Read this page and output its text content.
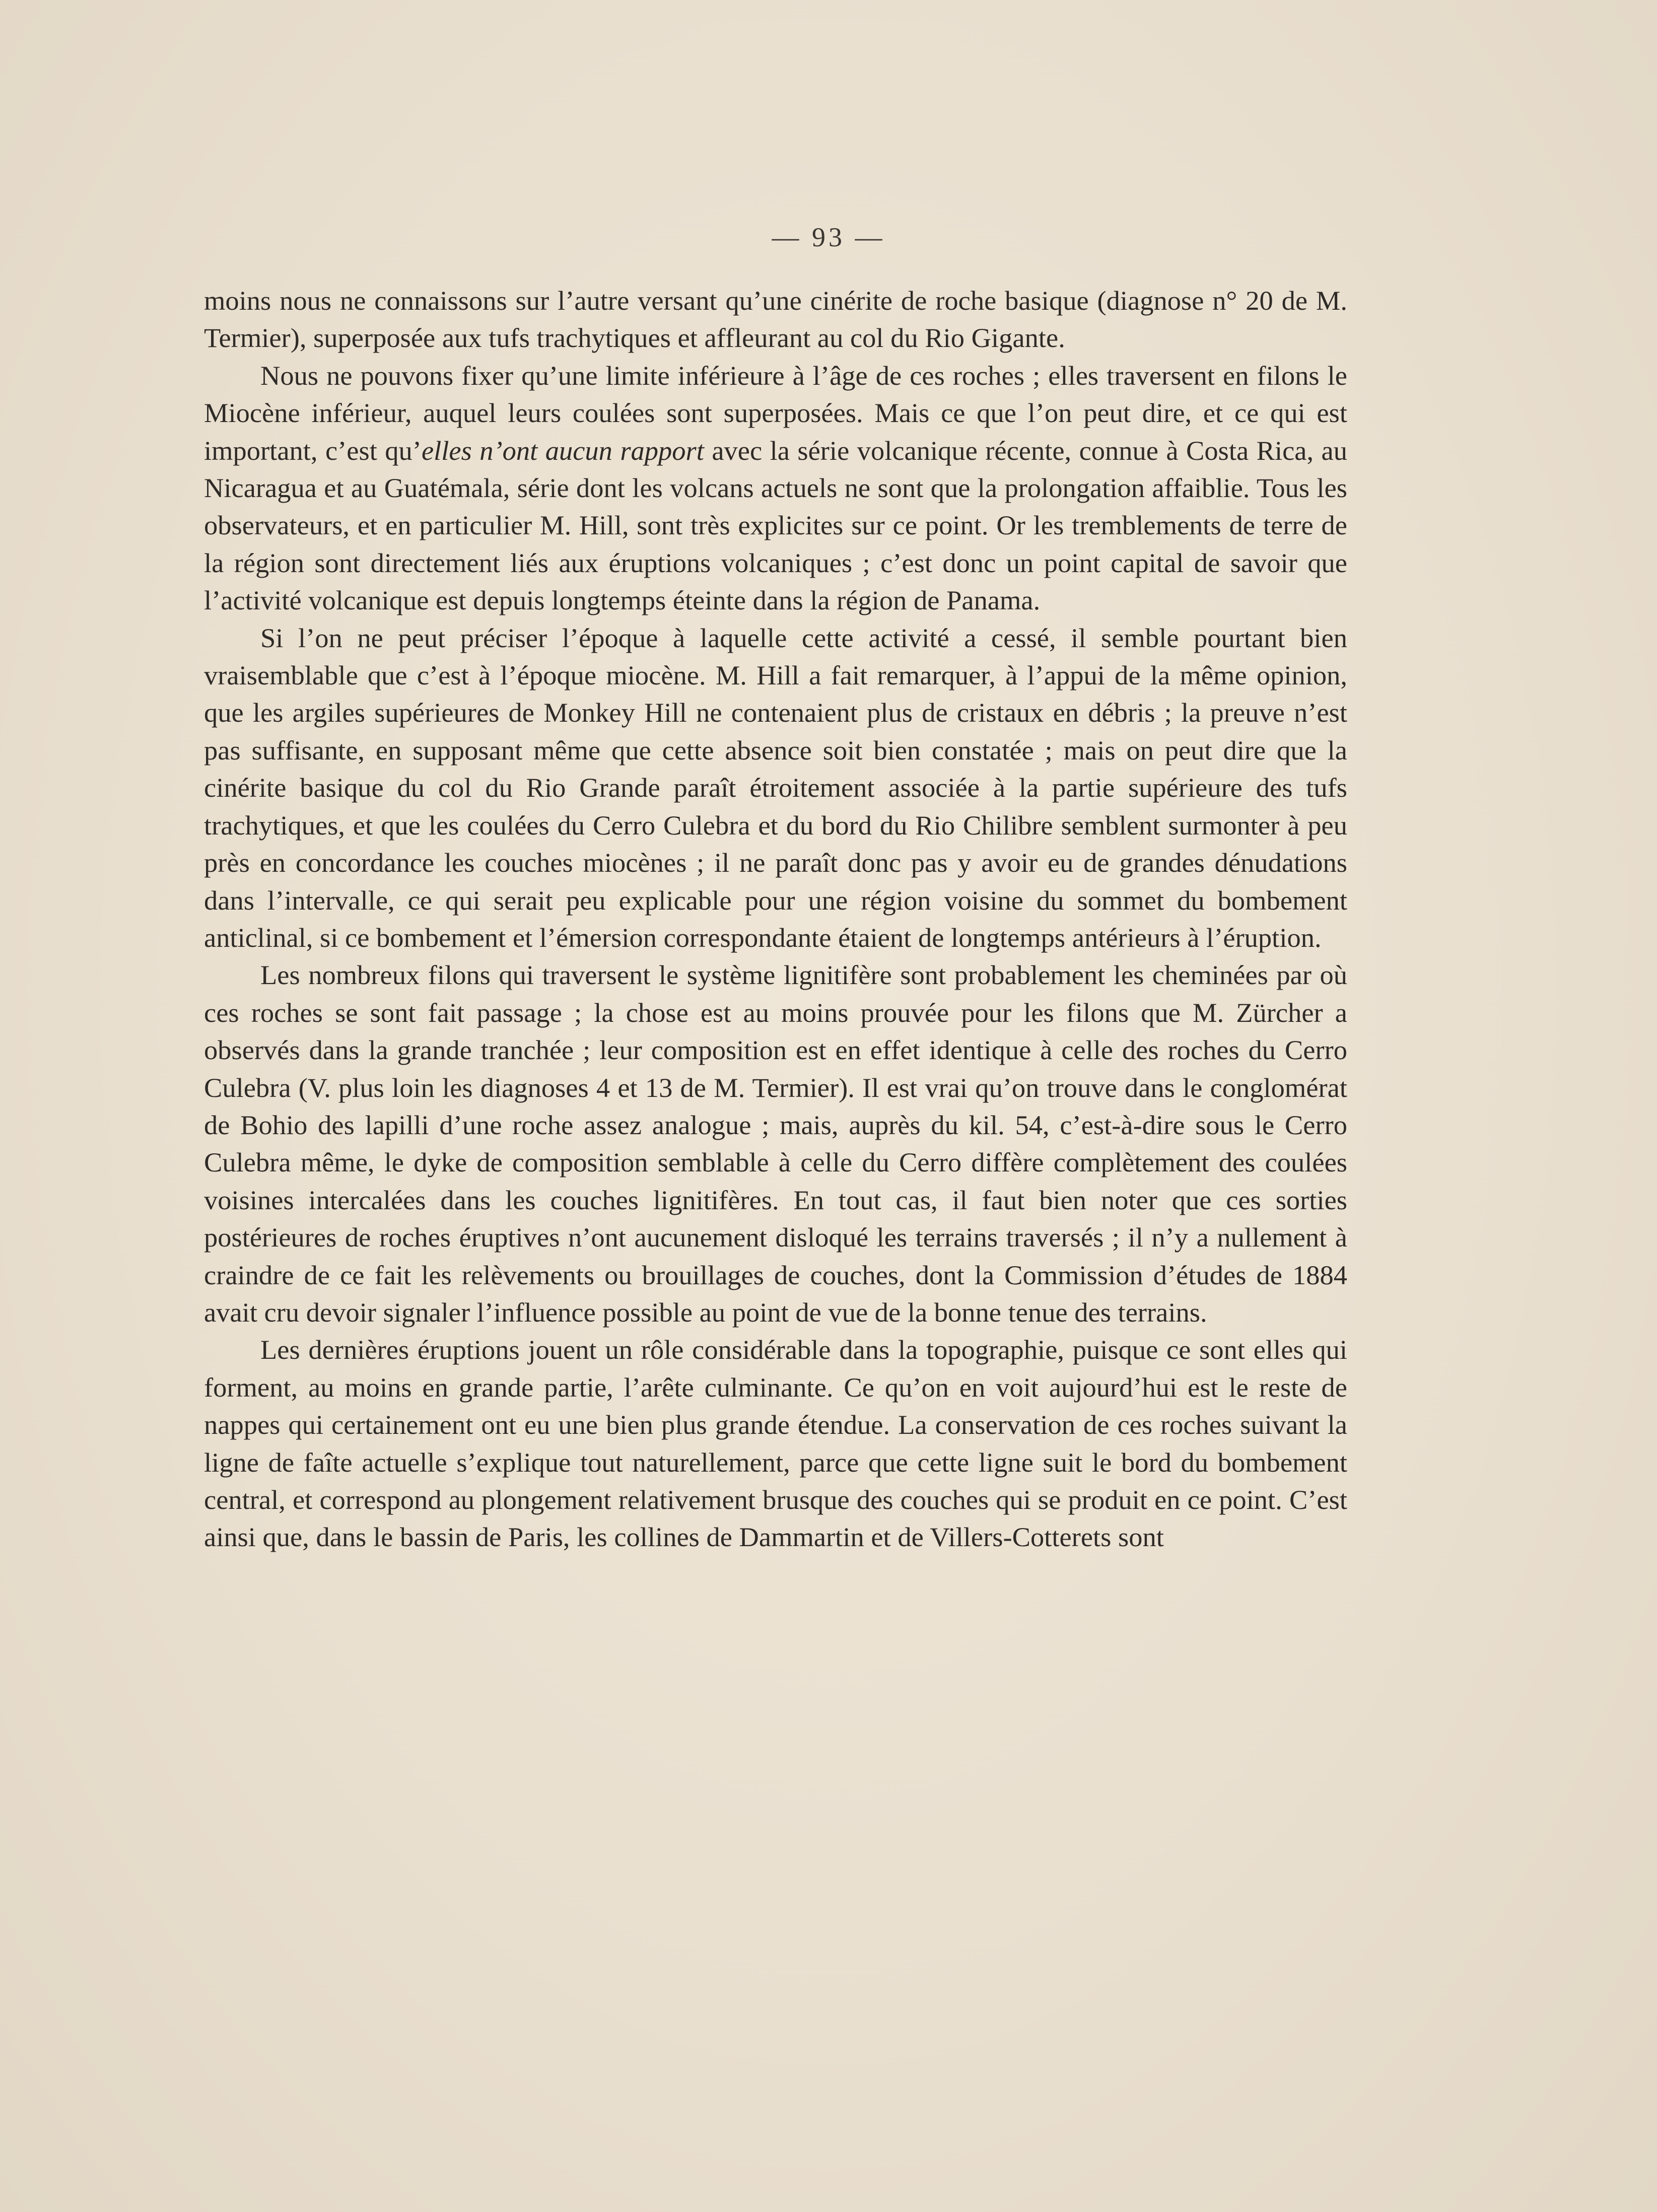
— 93 —

moins nous ne connaissons sur l’autre versant qu’une cinérite de roche basique (diagnose n° 20 de M. Termier), superposée aux tufs trachytiques et affleurant au col du Rio Gigante.

Nous ne pouvons fixer qu’une limite inférieure à l’âge de ces roches ; elles traversent en filons le Miocène inférieur, auquel leurs coulées sont superposées. Mais ce que l’on peut dire, et ce qui est important, c’est qu’elles n’ont aucun rapport avec la série volcanique récente, connue à Costa Rica, au Nicaragua et au Guatémala, série dont les volcans actuels ne sont que la prolongation affaiblie. Tous les observateurs, et en particulier M. Hill, sont très explicites sur ce point. Or les tremblements de terre de la région sont directement liés aux éruptions volcaniques ; c’est donc un point capital de savoir que l’activité volcanique est depuis longtemps éteinte dans la région de Panama.

Si l’on ne peut préciser l’époque à laquelle cette activité a cessé, il semble pourtant bien vraisemblable que c’est à l’époque miocène. M. Hill a fait remarquer, à l’appui de la même opinion, que les argiles supérieures de Monkey Hill ne contenaient plus de cristaux en débris ; la preuve n’est pas suffisante, en supposant même que cette absence soit bien constatée ; mais on peut dire que la cinérite basique du col du Rio Grande paraît étroitement associée à la partie supérieure des tufs trachytiques, et que les coulées du Cerro Culebra et du bord du Rio Chilibre semblent surmonter à peu près en concordance les couches miocènes ; il ne paraît donc pas y avoir eu de grandes dénudations dans l’intervalle, ce qui serait peu explicable pour une région voisine du sommet du bombement anticlinal, si ce bombement et l’émersion correspondante étaient de longtemps antérieurs à l’éruption.

Les nombreux filons qui traversent le système lignitifère sont probablement les cheminées par où ces roches se sont fait passage ; la chose est au moins prouvée pour les filons que M. Zürcher a observés dans la grande tranchée ; leur composition est en effet identique à celle des roches du Cerro Culebra (V. plus loin les diagnoses 4 et 13 de M. Termier). Il est vrai qu’on trouve dans le conglomérat de Bohio des lapilli d’une roche assez analogue ; mais, auprès du kil. 54, c’est-à-dire sous le Cerro Culebra même, le dyke de composition semblable à celle du Cerro diffère complètement des coulées voisines intercalées dans les couches lignitifères. En tout cas, il faut bien noter que ces sorties postérieures de roches éruptives n’ont aucunement disloqué les terrains traversés ; il n’y a nullement à craindre de ce fait les relèvements ou brouillages de couches, dont la Commission d’études de 1884 avait cru devoir signaler l’influence possible au point de vue de la bonne tenue des terrains.

Les dernières éruptions jouent un rôle considérable dans la topographie, puisque ce sont elles qui forment, au moins en grande partie, l’arête culminante. Ce qu’on en voit aujourd’hui est le reste de nappes qui certainement ont eu une bien plus grande étendue. La conservation de ces roches suivant la ligne de faîte actuelle s’explique tout naturellement, parce que cette ligne suit le bord du bombement central, et correspond au plongement relativement brusque des couches qui se produit en ce point. C’est ainsi que, dans le bassin de Paris, les collines de Dammartin et de Villers-Cotterets sont
